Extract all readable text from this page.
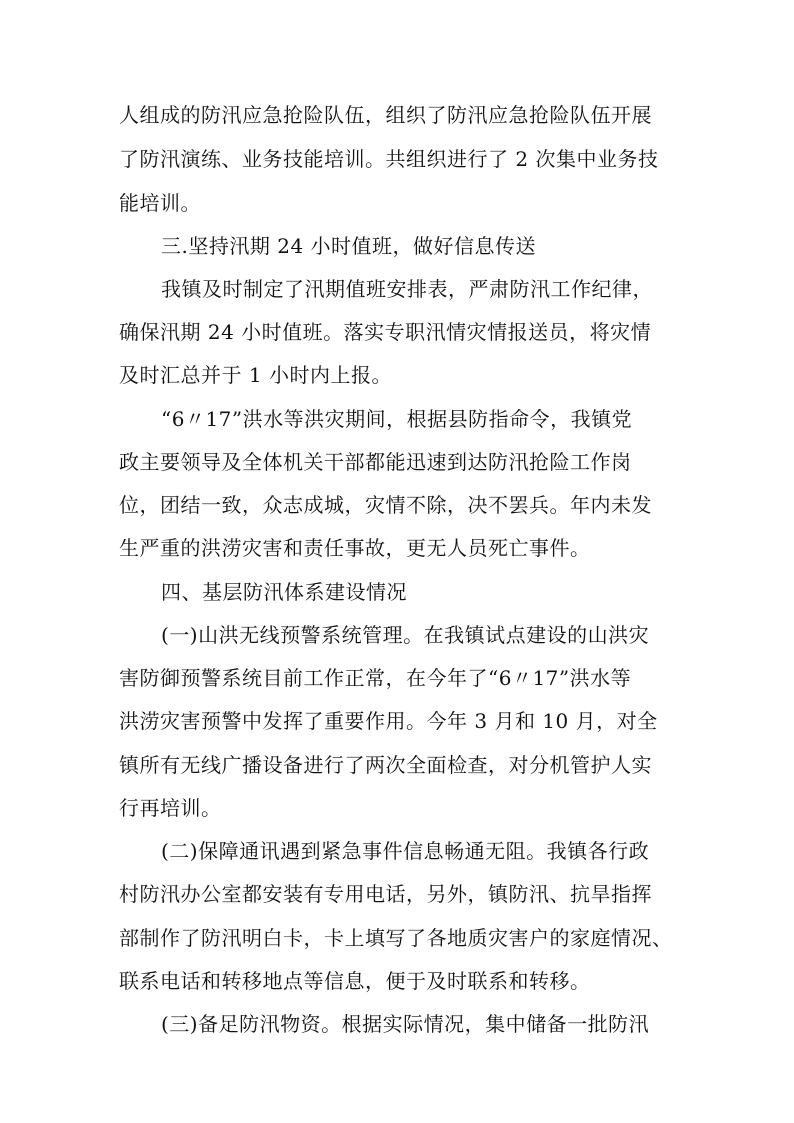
人组成的防汛应急抢险队伍，组织了防汛应急抢险队伍开展
了防汛演练、业务技能培训。共组织进行了 2 次集中业务技
能培训。
三.坚持汛期 24 小时值班，做好信息传送
我镇及时制定了汛期值班安排表，严肃防汛工作纪律，
确保汛期 24 小时值班。落实专职汛情灾情报送员，将灾情
及时汇总并于 1 小时内上报。
“6〃17”洪水等洪灾期间，根据县防指命令，我镇党
政主要领导及全体机关干部都能迅速到达防汛抢险工作岗
位，团结一致，众志成城，灾情不除，决不罢兵。年内未发
生严重的洪涝灾害和责任事故，更无人员死亡事件。
四、基层防汛体系建设情况
(一)山洪无线预警系统管理。在我镇试点建设的山洪灾
害防御预警系统目前工作正常，在今年了“6〃17”洪水等
洪涝灾害预警中发挥了重要作用。今年 3 月和 10 月，对全
镇所有无线广播设备进行了两次全面检查，对分机管护人实
行再培训。
(二)保障通讯遇到紧急事件信息畅通无阻。我镇各行政
村防汛办公室都安装有专用电话，另外，镇防汛、抗旱指挥
部制作了防汛明白卡，卡上填写了各地质灾害户的家庭情况、
联系电话和转移地点等信息，便于及时联系和转移。
(三)备足防汛物资。根据实际情况，集中储备一批防汛
